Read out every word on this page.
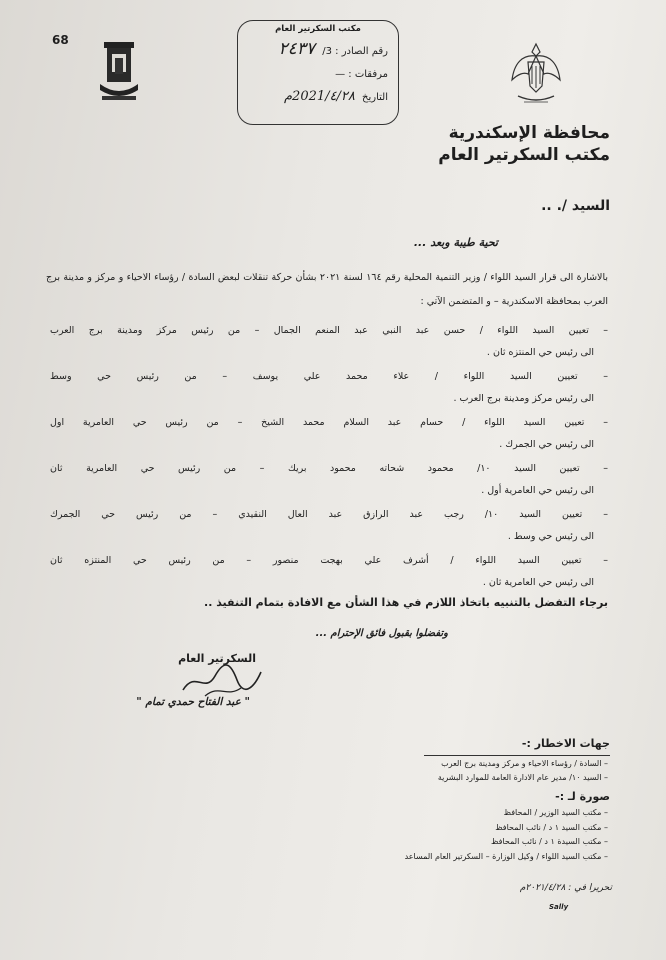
68
مكتب السكرتير العام
رقم الصادر : 3/ ٢٤٣٧
مرفقات : —
التاريخ 2021/٤/٢٨م
محافظة الإسكندرية
مكتب السكرتير العام
السيد /. ..
تحية طيبة وبعد ...
بالاشارة الى قرار السيد اللواء / وزير التنمية المحلية رقم ١٦٤ لسنة ٢٠٢١ بشأن حركة تنقلات لبعض السادة / رؤساء الاحياء و مركز و مدينة برج العرب بمحافظة الاسكندرية – و المتضمن الآتي :
– تعيين السيد اللواء / حسن عبد النبي عبد المنعم الجمال – من رئيس مركز ومدينة برج العرب
الى رئيس حي المنتزه ثان .
– تعيين السيد اللواء / علاء محمد علي يوسف – من رئيس حي وسط
الى رئيس مركز ومدينة برج العرب .
– تعيين السيد اللواء / حسام عبد السلام محمد الشيخ – من رئيس حي العامرية اول
الى رئيس حي الجمرك .
– تعيين السيد ١٠/ محمود شحاته محمود بريك – من رئيس حي العامرية ثان
الى رئيس حي العامرية أول .
– تعيين السيد ١٠/ رجب عبد الرازق عبد العال النقيدي – من رئيس حي الجمرك
الى رئيس حي وسط .
– تعيين السيد اللواء / أشرف علي بهجت منصور – من رئيس حي المنتزه ثان
الى رئيس حي العامرية ثان .
برجاء التفضل بالتنبيه باتخاذ اللازم في هذا الشأن مع الافادة بتمام التنفيذ ..
وتفضلوا بقبول فائق الإحترام ...
السكرتير العام
" عبد الفتاح حمدي تمام "
جهات الاخطار :-
– السادة / رؤساء الاحياء و مركز ومدينة برج العرب
– السيد ١٠/ مدير عام الادارة العامة للموارد البشرية
صورة لـ :-
– مكتب السيد الوزير / المحافظ
– مكتب السيد ١ د / نائب المحافظ
– مكتب السيدة ١ د / نائب المحافظ
– مكتب السيد اللواء / وكيل الوزارة – السكرتير العام المساعد
تحريرا في : ٢٠٢١/٤/٢٨م
Sally
